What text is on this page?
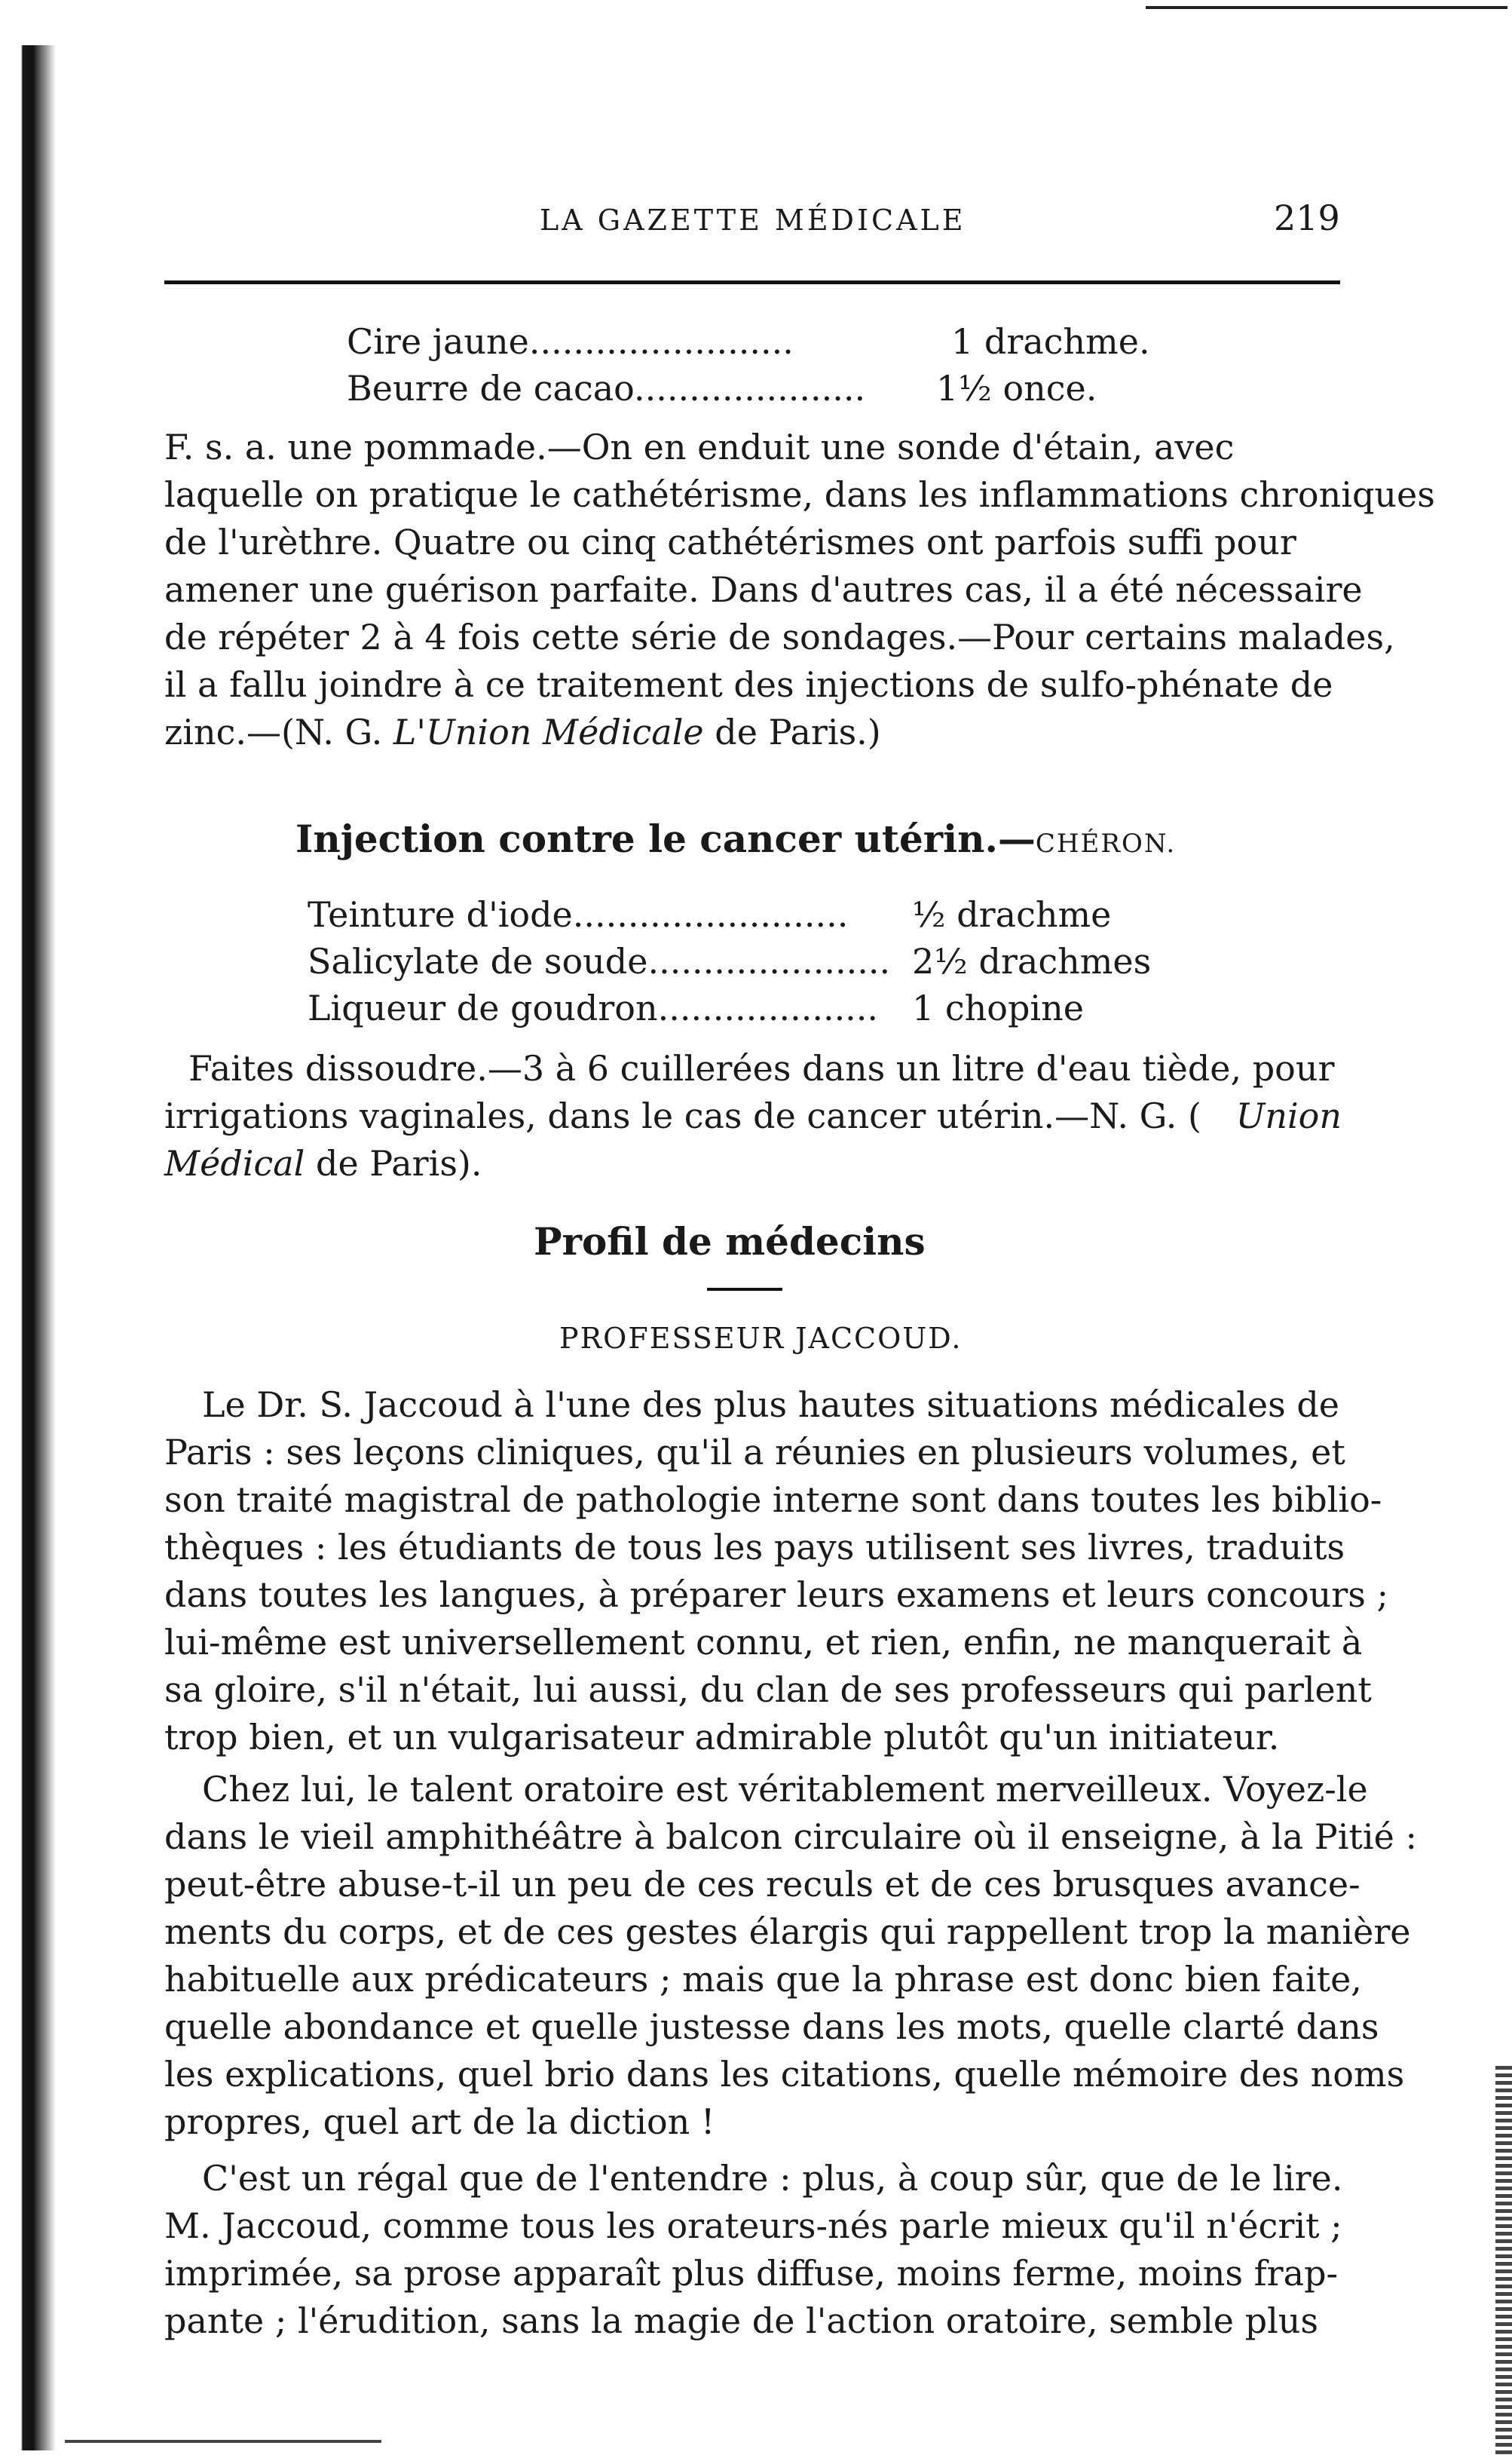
LA GAZETTE MÉDICALE	219
Cire jaune........................	1 drachme.
Beurre de cacao..................... 1½ once.
F. s. a. une pommade.—On en enduit une sonde d'étain, avec
laquelle on pratique le cathétérisme, dans les inflammations chroniques
de l'urèthre. Quatre ou cinq cathétérismes ont parfois suffi pour
amener une guérison parfaite. Dans d'autres cas, il a été nécessaire
de répéter 2 à 4 fois cette série de sondages.—Pour certains malades,
il a fallu joindre à ce traitement des injections de sulfo-phénate de
zinc.—(N. G. L'Union Médicale de Paris.)
Injection contre le cancer utérin.—CHÉRON.
Teinture d'iode......................... ½ drachme
Salicylate de soude...................... 2½ drachmes
Liqueur de goudron.................... 1 chopine
Faites dissoudre.—3 à 6 cuillerées dans un litre d'eau tiède, pour
irrigations vaginales, dans le cas de cancer utérin.—N. G. ( Union
Médical de Paris).
Profil de médecins
PROFESSEUR JACCOUD.
Le Dr. S. Jaccoud à l'une des plus hautes situations médicales de
Paris : ses leçons cliniques, qu'il a réunies en plusieurs volumes, et
son traité magistral de pathologie interne sont dans toutes les biblio-
thèques : les étudiants de tous les pays utilisent ses livres, traduits
dans toutes les langues, à préparer leurs examens et leurs concours ;
lui-même est universellement connu, et rien, enfin, ne manquerait à
sa gloire, s'il n'était, lui aussi, du clan de ses professeurs qui parlent
trop bien, et un vulgarisateur admirable plutôt qu'un initiateur.
Chez lui, le talent oratoire est véritablement merveilleux. Voyez-le
dans le vieil amphithéâtre à balcon circulaire où il enseigne, à la Pitié :
peut-être abuse-t-il un peu de ces reculs et de ces brusques avance-
ments du corps, et de ces gestes élargis qui rappellent trop la manière
habituelle aux prédicateurs ; mais que la phrase est donc bien faite,
quelle abondance et quelle justesse dans les mots, quelle clarté dans
les explications, quel brio dans les citations, quelle mémoire des noms
propres, quel art de la diction !
C'est un régal que de l'entendre : plus, à coup sûr, que de le lire.
M. Jaccoud, comme tous les orateurs-nés parle mieux qu'il n'écrit ;
imprimée, sa prose apparaît plus diffuse, moins ferme, moins frap-
pante ; l'érudition, sans la magie de l'action oratoire, semble plus
